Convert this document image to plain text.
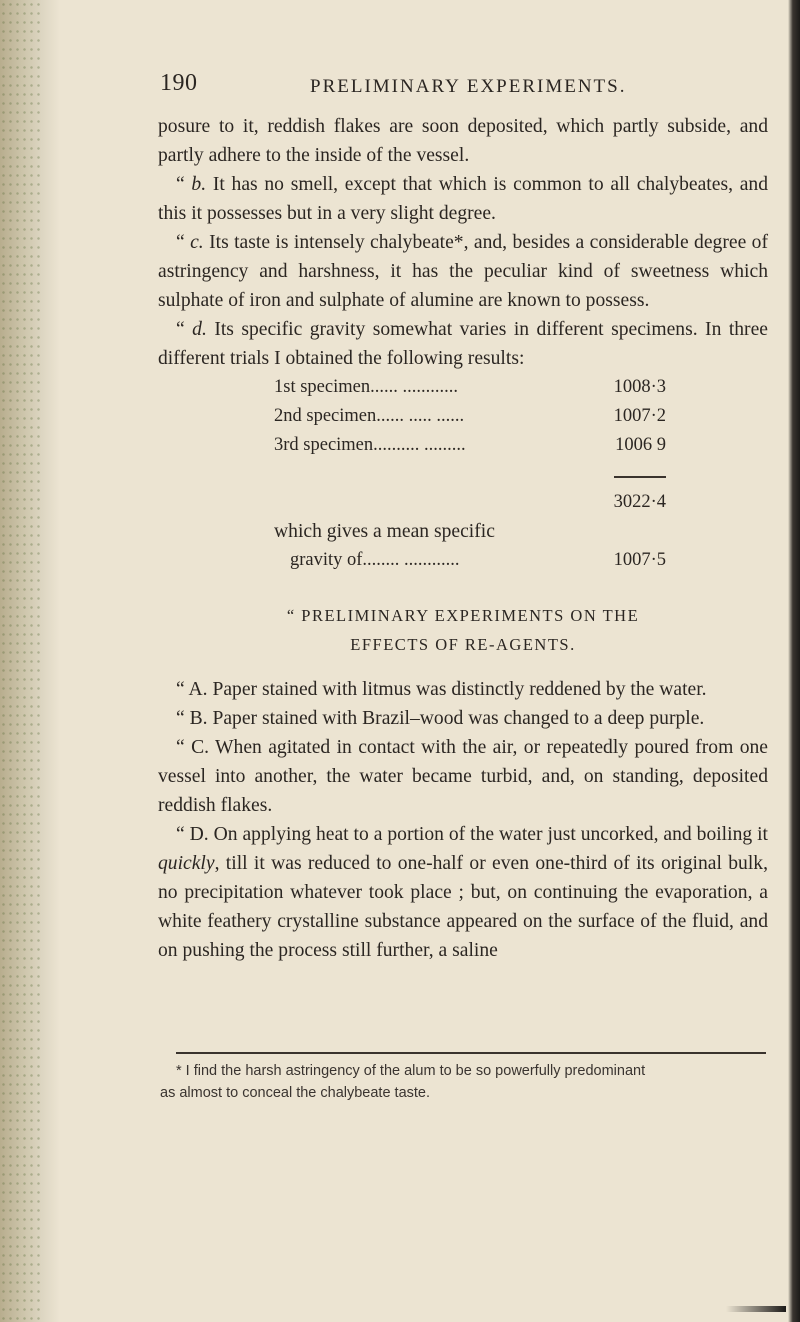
190	PRELIMINARY EXPERIMENTS.
posure to it, reddish flakes are soon deposited, which partly subside, and partly adhere to the inside of the vessel.
“ b. It has no smell, except that which is common to all chalybeates, and this it possesses but in a very slight degree.
“ c. Its taste is intensely chalybeate*, and, besides a considerable degree of astringency and harshness, it has the peculiar kind of sweetness which sulphate of iron and sulphate of alumine are known to possess.
“ d. Its specific gravity somewhat varies in different specimens. In three different trials I obtained the following results:
1st specimen...... ............	1008·3
2nd specimen...... ..... ......	1007·2
3rd specimen.......... .........	1006 9
3022·4
which gives a mean specific
gravity of........ ............	1007·5
“ PRELIMINARY EXPERIMENTS ON THE
EFFECTS OF RE-AGENTS.
“ A. Paper stained with litmus was distinctly reddened by the water.
“ B. Paper stained with Brazil–wood was changed to a deep purple.
“ C. When agitated in contact with the air, or repeatedly poured from one vessel into another, the water became turbid, and, on standing, deposited reddish flakes.
“ D. On applying heat to a portion of the water just uncorked, and boiling it quickly, till it was reduced to one-half or even one-third of its original bulk, no precipitation whatever took place ; but, on continuing the evaporation, a white feathery crystalline substance appeared on the surface of the fluid, and on pushing the process still further, a saline
* I find the harsh astringency of the alum to be so powerfully predominant
as almost to conceal the chalybeate taste.
